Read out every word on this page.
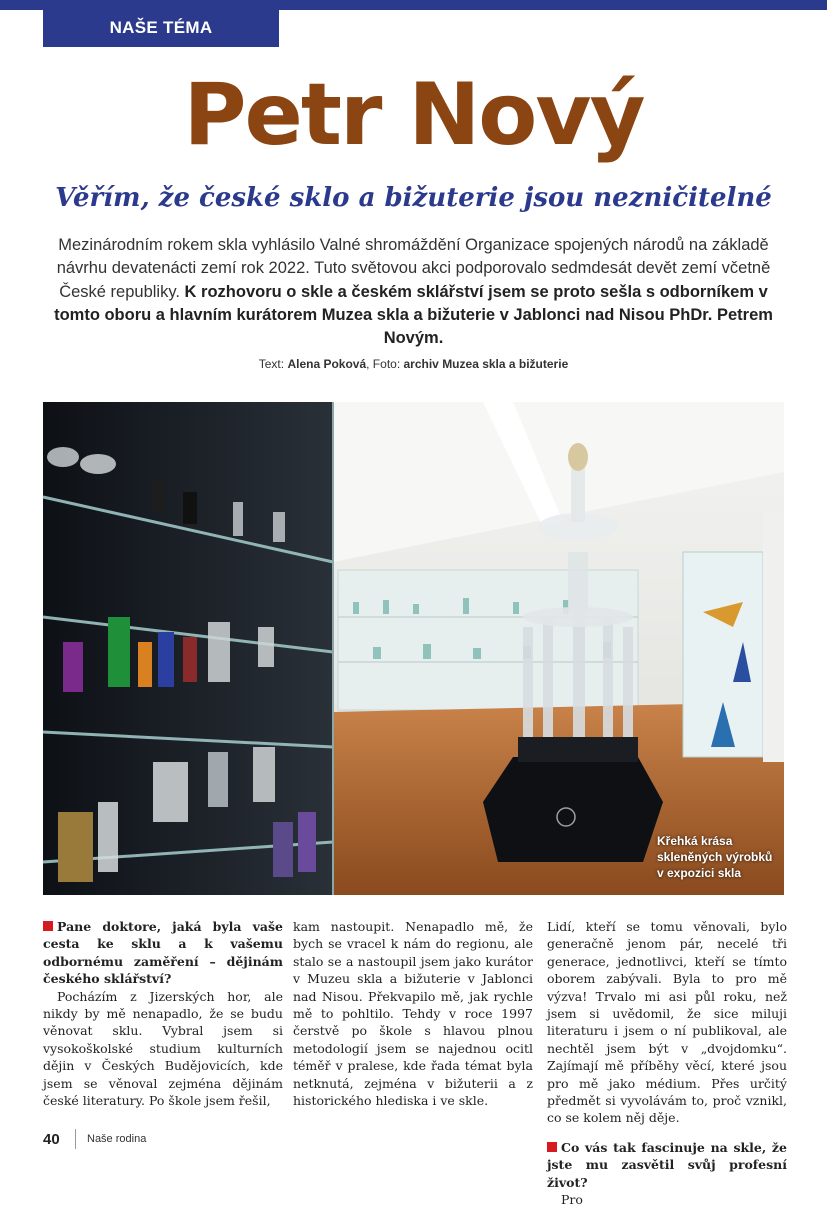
NAŠE TÉMA
Petr Nový
Věřím, že české sklo a bižuterie jsou nezničitelné

Mezinárodním rokem skla vyhlásilo Valné shromáždění Organizace spojených národů na základě návrhu devatenácti zemí rok 2022. Tuto světovou akci podporovalo sedmdesát devět zemí včetně České republiky. K rozhovoru o skle a českém sklářství jsem se proto sešla s odborníkem v tomto oboru a hlavním kurátorem Muzea skla a bižuterie v Jablonci nad Nisou PhDr. Petrem Novým.

Text: Alena Poková, Foto: archiv Muzea skla a bižuterie

Křehká krása skleněných výrobků v expozici skla

Pane doktore, jaká byla vaše cesta ke sklu a k vašemu odbornému zaměření – dějinám českého sklářství?

Pocházím z Jizerských hor, ale nikdy by mě nenapadlo, že se budu věnovat sklu. Vybral jsem si vysokoškolské studium kulturních dějin v Českých Budějovicích, kde jsem se věnoval zejména dějinám české literatury. Po škole jsem řešil,

kam nastoupit. Nenapadlo mě, že bych se vracel k nám do regionu, ale stalo se a nastoupil jsem jako kurátor v Muzeu skla a bižuterie v Jablonci nad Nisou. Překvapilo mě, jak rychle mě to pohltilo. Tehdy v roce 1997 čerstvě po škole s hlavou plnou metodologií jsem se najednou ocitl téměř v pralese, kde řada témat byla netknutá, zejména v bižuterii a z historického hlediska i ve skle.

Lidí, kteří se tomu věnovali, bylo generačně jenom pár, necelé tři generace, jednotlivci, kteří se tímto oborem zabývali. Byla to pro mě výzva! Trvalo mi asi půl roku, než jsem si uvědomil, že sice miluji literaturu i jsem o ní publikoval, ale nechtěl jsem být v „dvojdomku“. Zajímají mě příběhy věcí, které jsou pro mě jako médium. Přes určitý předmět si vyvolávám to, proč vznikl, co se kolem něj děje.

Co vás tak fascinuje na skle, že jste mu zasvětil svůj profesní život?

Pro

40 Naše rodina
